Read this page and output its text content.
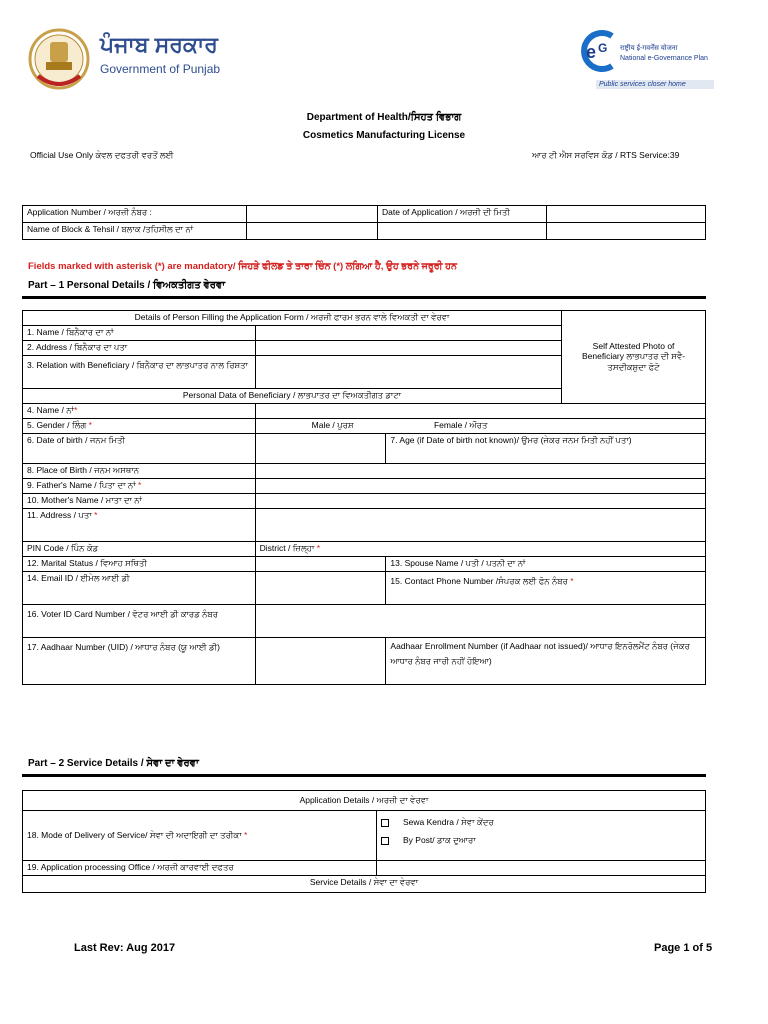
ਪੰਜਾਬ ਸਰਕਾਰ
Government of Punjab
e G राष्ट्रीय ई-गवर्नेंस योजना
National e-Governance Plan
Public services closer home
Department of Health/ਸਿਹਤ ਵਿਭਾਗ
Cosmetics Manufacturing License
Official Use Only ਕੇਵਲ ਦਫਤਰੀ ਵਰਤੋਂ ਲਈ	ਆਰ ਟੀ ਐਸ ਸਰਵਿਸ ਕੋਡ / RTS Service:39
Application Number / ਅਰਜ਼ੀ ਨੰਬਰ :		Date of Application / ਅਰਜ਼ੀ ਦੀ ਮਿਤੀ	
Name of Block & Tehsil / ਬਲਾਕ /ਤਹਿਸੀਲ ਦਾ ਨਾਂ			
Fields marked with asterisk (*) are mandatory/ ਜਿਹੜੇ ਫੀਲਡ ਤੇ ਤਾਰਾ ਚਿੰਨ (*) ਲਗਿਆ ਹੈ, ਉਹ ਭਰਨੇ ਜਰੂਰੀ ਹਨ
Part – 1 Personal Details / ਵਿਅਕਤੀਗਤ ਵੇਰਵਾ
Details of Person Filling the Application Form / ਅਰਜ਼ੀ ਫਾਰਮ ਭਰਨ ਵਾਲੇ ਵਿਅਕਤੀ ਦਾ ਵੇਰਵਾ			Self Attested Photo of Beneficiary ਲਾਭਪਾਤਰ ਦੀ ਸਵੈ-ਤਸਦੀਕਸ਼ੁਦਾ ਫੋਟੋ
1. Name / ਬਿਨੈਕਾਰ ਦਾ ਨਾਂ			
2. Address / ਬਿਨੈਕਾਰ ਦਾ ਪਤਾ			
3. Relation with Beneficiary / ਬਿਨੈਕਾਰ ਦਾ ਲਾਭਪਾਤਰ ਨਾਲ ਰਿਸ਼ਤਾ			
Personal Data of Beneficiary / ਲਾਭਪਾਤਰ ਦਾ ਵਿਅਕਤੀਗਤ ਡਾਟਾ			
4. Name / ਨਾਂ*			
5. Gender / ਲਿੰਗ *	Male / ਪੁਰਸ਼ Female / ਔਰਤ		
6. Date of birth / ਜਨਮ ਮਿਤੀ		7. Age (if Date of birth not known)/ ਉਮਰ (ਜੇਕਰ ਜਨਮ ਮਿਤੀ ਨਹੀਂ ਪਤਾ)	
8. Place of Birth / ਜਨਮ ਅਸਥਾਨ			
9. Father's Name / ਪਿਤਾ ਦਾ ਨਾਂ *			
10. Mother's Name / ਮਾਤਾ ਦਾ ਨਾਂ			
11. Address / ਪਤਾ *			
PIN Code / ਪਿੰਨ ਕੋਡ	District / ਜ਼ਿਲ੍ਹਾ *		
12. Marital Status / ਵਿਆਹ ਸਥਿਤੀ		13. Spouse Name / ਪਤੀ / ਪਤਨੀ ਦਾ ਨਾਂ	
14. Email ID / ਈਮੇਲ ਆਈ ਡੀ		15. Contact Phone Number /ਸੰਪਰਕ ਲਈ ਫੋਨ ਨੰਬਰ *	
16. Voter ID Card Number / ਵੋਟਰ ਆਈ ਡੀ ਕਾਰਡ ਨੰਬਰ			
17. Aadhaar Number (UID) / ਆਧਾਰ ਨੰਬਰ (ਯੂ ਆਈ ਡੀ)		Aadhaar Enrollment Number (if Aadhaar not issued)/ ਆਧਾਰ ਇਨਰੋਲਮੈਂਟ ਨੰਬਰ (ਜੇਕਰ ਆਧਾਰ ਨੰਬਰ ਜਾਰੀ ਨਹੀਂ ਹੋਇਆ)	
Part – 2 Service Details / ਸੇਵਾ ਦਾ ਵੇਰਵਾ
Application Details / ਅਰਜ਼ੀ ਦਾ ਵੇਰਵਾ	
18. Mode of Delivery of Service/ ਸੇਵਾ ਦੀ ਅਦਾਇਗੀ ਦਾ ਤਰੀਕਾ *	Sewa Kendra / ਸੇਵਾ ਕੇਂਦਰ
By Post/ ਡਾਕ ਦੁਆਰਾ

19. Application processing Office / ਅਰਜ਼ੀ ਕਾਰਵਾਈ ਦਫਤਰ	
Service Details / ਸੇਵਾ ਦਾ ਵੇਰਵਾ	
Last Rev: Aug 2017	Page 1 of 5
